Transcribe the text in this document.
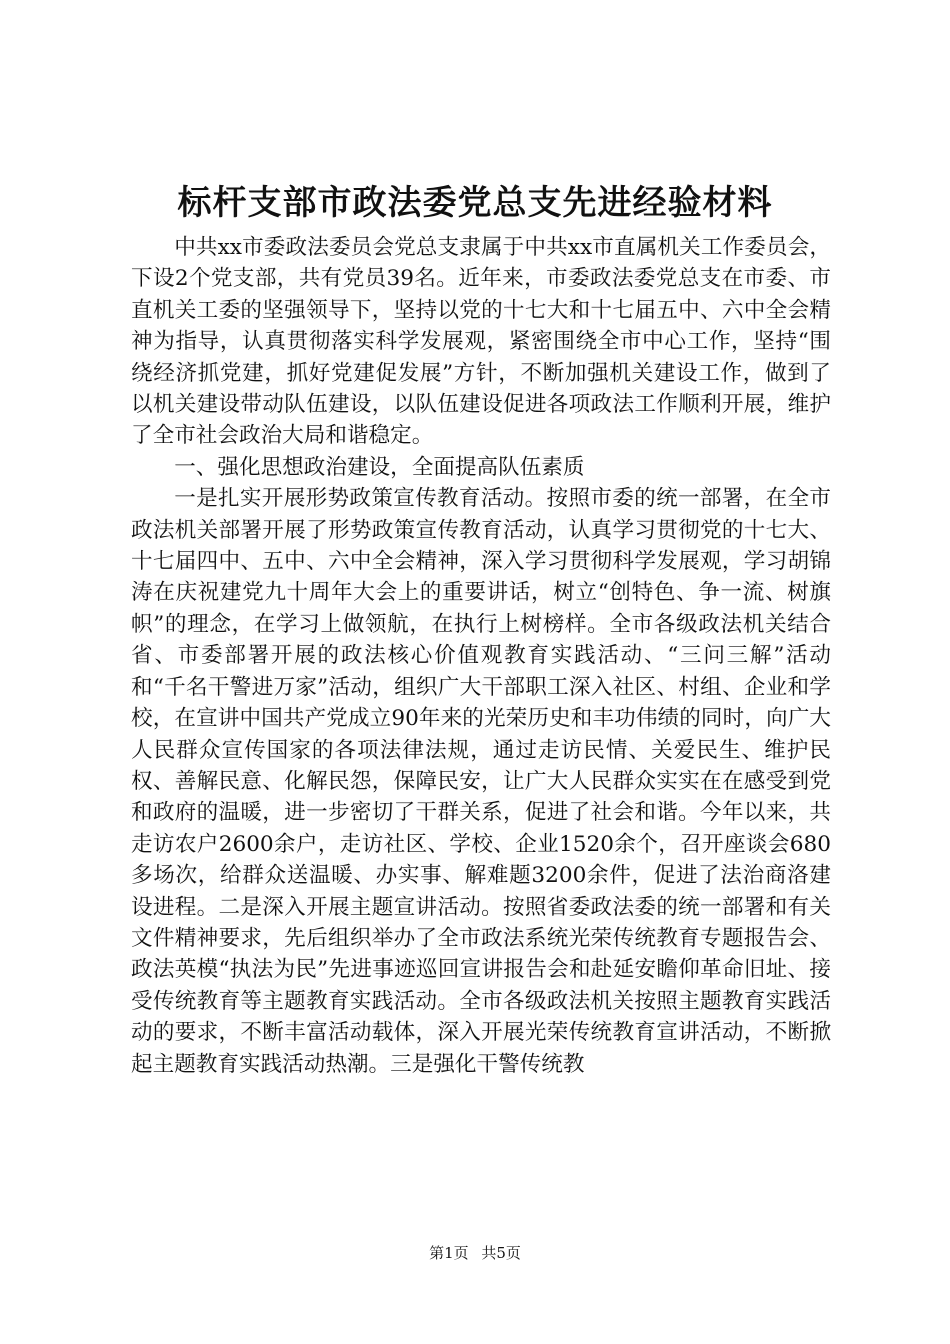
标杆支部市政法委党总支先进经验材料

中共xx市委政法委员会党总支隶属于中共xx市直属机关工作委员会，下设2个党支部，共有党员39名。近年来，市委政法委党总支在市委、市直机关工委的坚强领导下，坚持以党的十七大和十七届五中、六中全会精神为指导，认真贯彻落实科学发展观，紧密围绕全市中心工作，坚持“围绕经济抓党建，抓好党建促发展”方针，不断加强机关建设工作，做到了以机关建设带动队伍建设，以队伍建设促进各项政法工作顺利开展，维护了全市社会政治大局和谐稳定。

一、强化思想政治建设，全面提高队伍素质

一是扎实开展形势政策宣传教育活动。按照市委的统一部署，在全市政法机关部署开展了形势政策宣传教育活动，认真学习贯彻党的十七大、十七届四中、五中、六中全会精神，深入学习贯彻科学发展观，学习胡锦涛在庆祝建党九十周年大会上的重要讲话，树立“创特色、争一流、树旗帜”的理念，在学习上做领航，在执行上树榜样。全市各级政法机关结合省、市委部署开展的政法核心价值观教育实践活动、“三问三解”活动和“千名干警进万家”活动，组织广大干部职工深入社区、村组、企业和学校，在宣讲中国共产党成立90年来的光荣历史和丰功伟绩的同时，向广大人民群众宣传国家的各项法律法规，通过走访民情、关爱民生、维护民权、善解民意、化解民怨，保障民安，让广大人民群众实实在在感受到党和政府的温暖，进一步密切了干群关系，促进了社会和谐。今年以来，共走访农户2600余户，走访社区、学校、企业1520余个，召开座谈会680多场次，给群众送温暖、办实事、解难题3200余件，促进了法治商洛建设进程。二是深入开展主题宣讲活动。按照省委政法委的统一部署和有关文件精神要求，先后组织举办了全市政法系统光荣传统教育专题报告会、政法英模“执法为民”先进事迹巡回宣讲报告会和赴延安瞻仰革命旧址、接受传统教育等主题教育实践活动。全市各级政法机关按照主题教育实践活动的要求，不断丰富活动载体，深入开展光荣传统教育宣讲活动，不断掀起主题教育实践活动热潮。三是强化干警传统教

第1页 共5页
